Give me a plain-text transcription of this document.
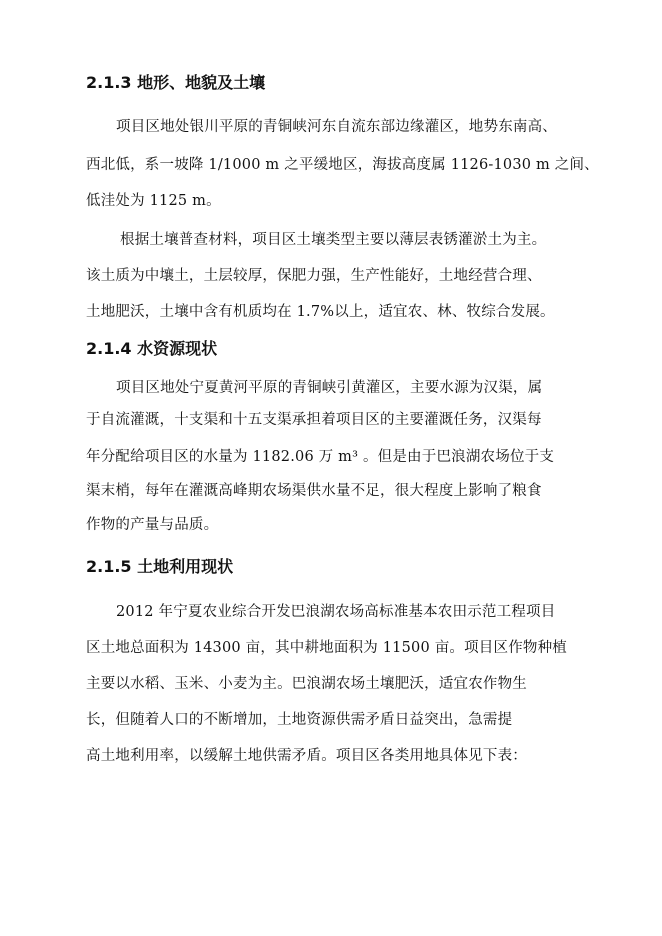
2.1.3 地形、地貌及土壤
项目区地处银川平原的青铜峡河东自流东部边缘灌区，地势东南高、
西北低，系一坡降 1/1000 m 之平缓地区，海拔高度属 1126-1030 m 之间、
低洼处为 1125 m。
根据土壤普查材料，项目区土壤类型主要以薄层表锈灌淤土为主。
该土质为中壤土，土层较厚，保肥力强，生产性能好，土地经营合理、
土地肥沃，土壤中含有机质均在 1.7%以上，适宜农、林、牧综合发展。
2.1.4 水资源现状
项目区地处宁夏黄河平原的青铜峡引黄灌区，主要水源为汉渠，属
于自流灌溉，十支渠和十五支渠承担着项目区的主要灌溉任务，汉渠每
年分配给项目区的水量为 1182.06 万 m³ 。但是由于巴浪湖农场位于支
渠末梢，每年在灌溉高峰期农场渠供水量不足，很大程度上影响了粮食
作物的产量与品质。
2.1.5 土地利用现状
2012 年宁夏农业综合开发巴浪湖农场高标准基本农田示范工程项目
区土地总面积为 14300 亩，其中耕地面积为 11500 亩。项目区作物种植
主要以水稻、玉米、小麦为主。巴浪湖农场土壤肥沃，适宜农作物生
长，但随着人口的不断增加，土地资源供需矛盾日益突出，急需提
高土地利用率，以缓解土地供需矛盾。项目区各类用地具体见下表：
